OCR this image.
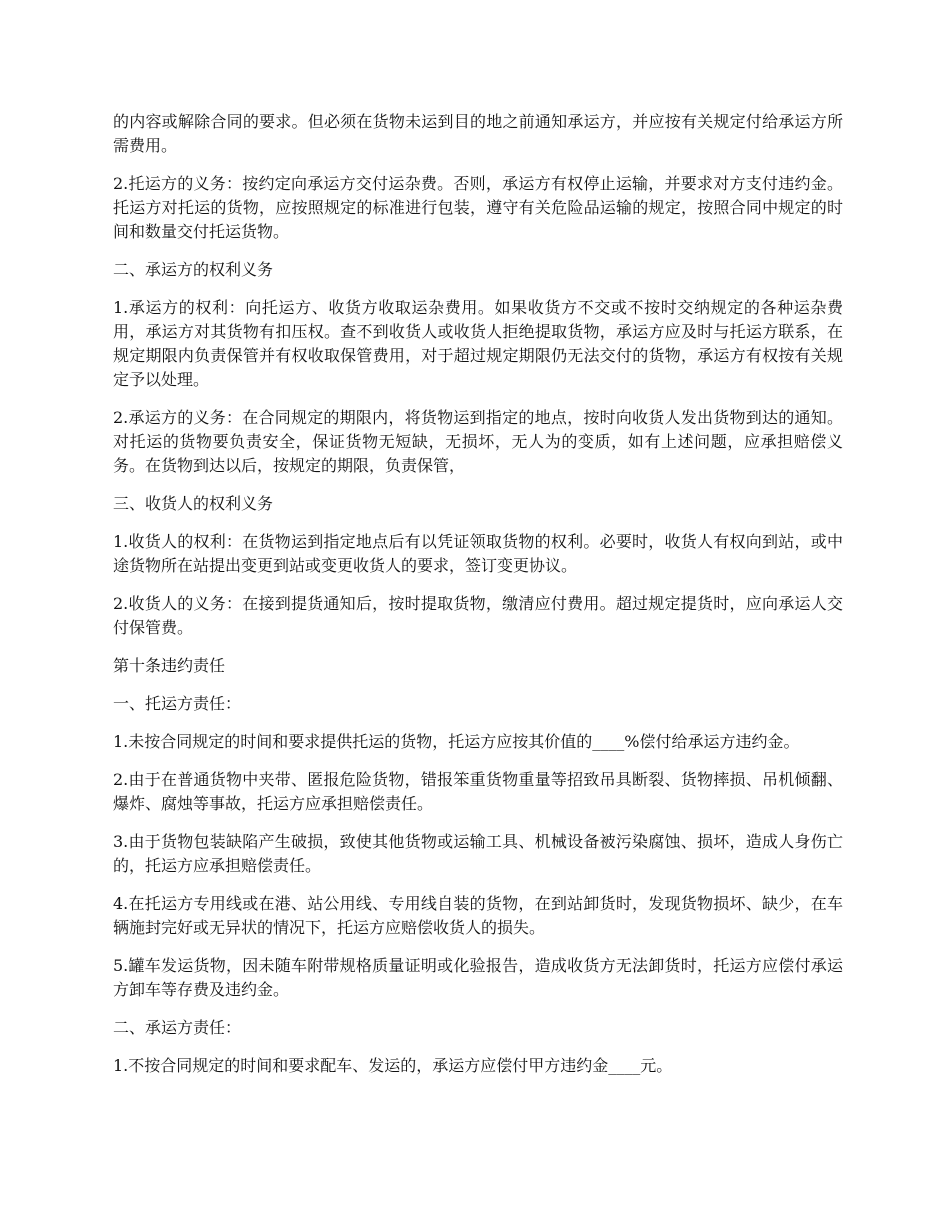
的内容或解除合同的要求。但必须在货物未运到目的地之前通知承运方，并应按有关规定付给承运方所需费用。

2.托运方的义务：按约定向承运方交付运杂费。否则，承运方有权停止运输，并要求对方支付违约金。托运方对托运的货物，应按照规定的标准进行包装，遵守有关危险品运输的规定，按照合同中规定的时间和数量交付托运货物。

二、承运方的权利义务

1.承运方的权利：向托运方、收货方收取运杂费用。如果收货方不交或不按时交纳规定的各种运杂费用，承运方对其货物有扣压权。查不到收货人或收货人拒绝提取货物，承运方应及时与托运方联系，在规定期限内负责保管并有权收取保管费用，对于超过规定期限仍无法交付的货物，承运方有权按有关规定予以处理。

2.承运方的义务：在合同规定的期限内，将货物运到指定的地点，按时向收货人发出货物到达的通知。对托运的货物要负责安全，保证货物无短缺，无损坏，无人为的变质，如有上述问题，应承担赔偿义务。在货物到达以后，按规定的期限，负责保管，

三、收货人的权利义务

1.收货人的权利：在货物运到指定地点后有以凭证领取货物的权利。必要时，收货人有权向到站，或中途货物所在站提出变更到站或变更收货人的要求，签订变更协议。

2.收货人的义务：在接到提货通知后，按时提取货物，缴清应付费用。超过规定提货时，应向承运人交付保管费。

第十条违约责任

一、托运方责任：

1.未按合同规定的时间和要求提供托运的货物，托运方应按其价值的____%偿付给承运方违约金。

2.由于在普通货物中夹带、匿报危险货物，错报笨重货物重量等招致吊具断裂、货物摔损、吊机倾翻、爆炸、腐烛等事故，托运方应承担赔偿责任。

3.由于货物包装缺陷产生破损，致使其他货物或运输工具、机械设备被污染腐蚀、损坏，造成人身伤亡的，托运方应承担赔偿责任。

4.在托运方专用线或在港、站公用线、专用线自装的货物，在到站卸货时，发现货物损坏、缺少，在车辆施封完好或无异状的情况下，托运方应赔偿收货人的损失。

5.罐车发运货物，因未随车附带规格质量证明或化验报告，造成收货方无法卸货时，托运方应偿付承运方卸车等存费及违约金。

二、承运方责任：

1.不按合同规定的时间和要求配车、发运的，承运方应偿付甲方违约金____元。
